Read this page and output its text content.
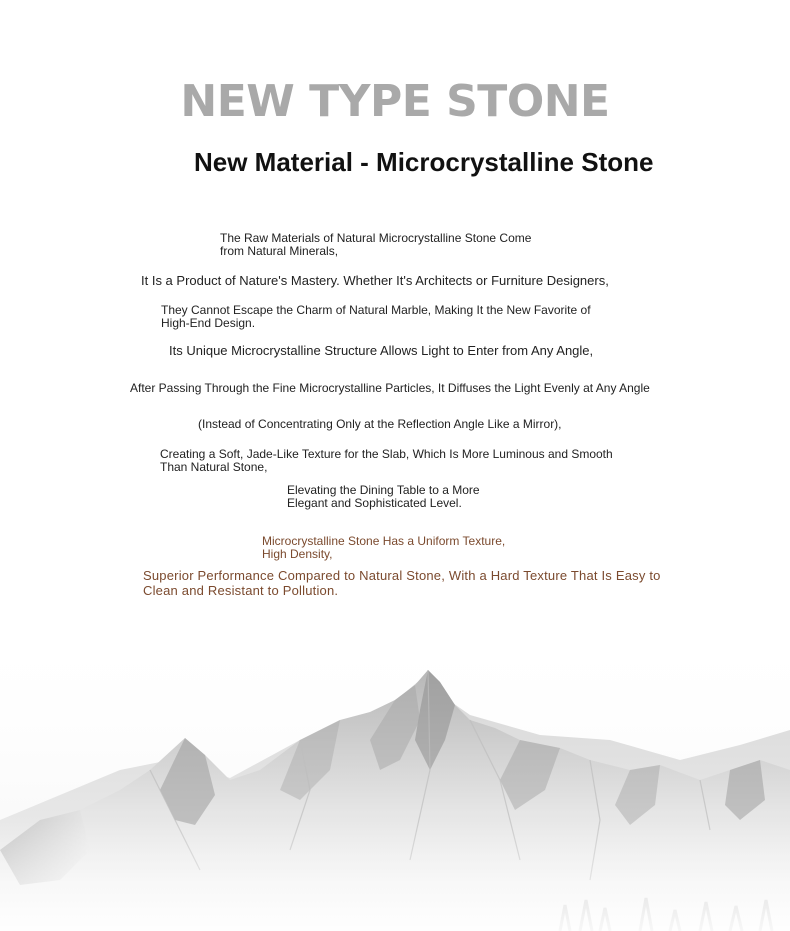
NEW TYPE STONE
New Material - Microcrystalline Stone

The Raw Materials of Natural Microcrystalline Stone Come
from Natural Minerals,

It Is a Product of Nature's Mastery. Whether It's Architects or Furniture Designers,

They Cannot Escape the Charm of Natural Marble, Making It the New Favorite of
High-End Design.

Its Unique Microcrystalline Structure Allows Light to Enter from Any Angle,

After Passing Through the Fine Microcrystalline Particles, It Diffuses the Light Evenly at Any Angle

(Instead of Concentrating Only at the Reflection Angle Like a Mirror),

Creating a Soft, Jade-Like Texture for the Slab, Which Is More Luminous and Smooth
Than Natural Stone,

Elevating the Dining Table to a More
Elegant and Sophisticated Level.

Microcrystalline Stone Has a Uniform Texture,
High Density,

Superior Performance Compared to Natural Stone, With a Hard Texture That Is Easy to
Clean and Resistant to Pollution.
